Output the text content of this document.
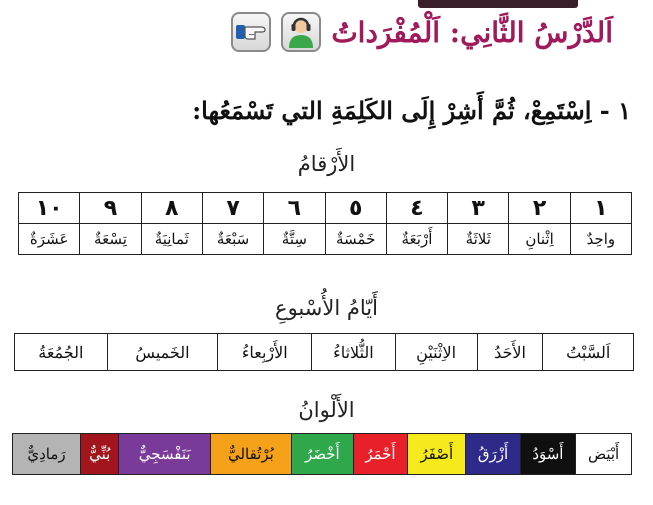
اَلدَّرْسُ الثَّانِي: اَلْمُفْرَداتُ
١ - اِسْتَمِعْ، ثُمَّ أَشِرْ إِلَى الكَلِمَةِ التي تَسْمَعُها:
الأَرْقامُ
١	٢	٣	٤	٥	٦	٧	٨	٩	١٠
واحِدٌ	اِثْنانِ	ثَلاثَةٌ	أَرْبَعَةٌ	خَمْسَةٌ	سِتَّةٌ	سَبْعَةٌ	ثَمانِيَةٌ	تِسْعَةٌ	عَشَرَةٌ
أَيّامُ الأُسْبوعِ
اَلسَّبْتُ	الأَحَدُ	الاِثْنَيْنِ	الثُّلاثاءُ	الأَرْبِعاءُ	الخَميسُ	الجُمُعَةُ
الأَلْوانُ
أَبْيَض	أَسْوَدُ	أَزْرَقُ	أَصْفَرُ	أَحْمَرُ	أَخْضَرُ	بُرْتُقاليٌّ	بَنَفْسَجِيٌّ	بُنِّيٌّ	رَمادِيٌّ
